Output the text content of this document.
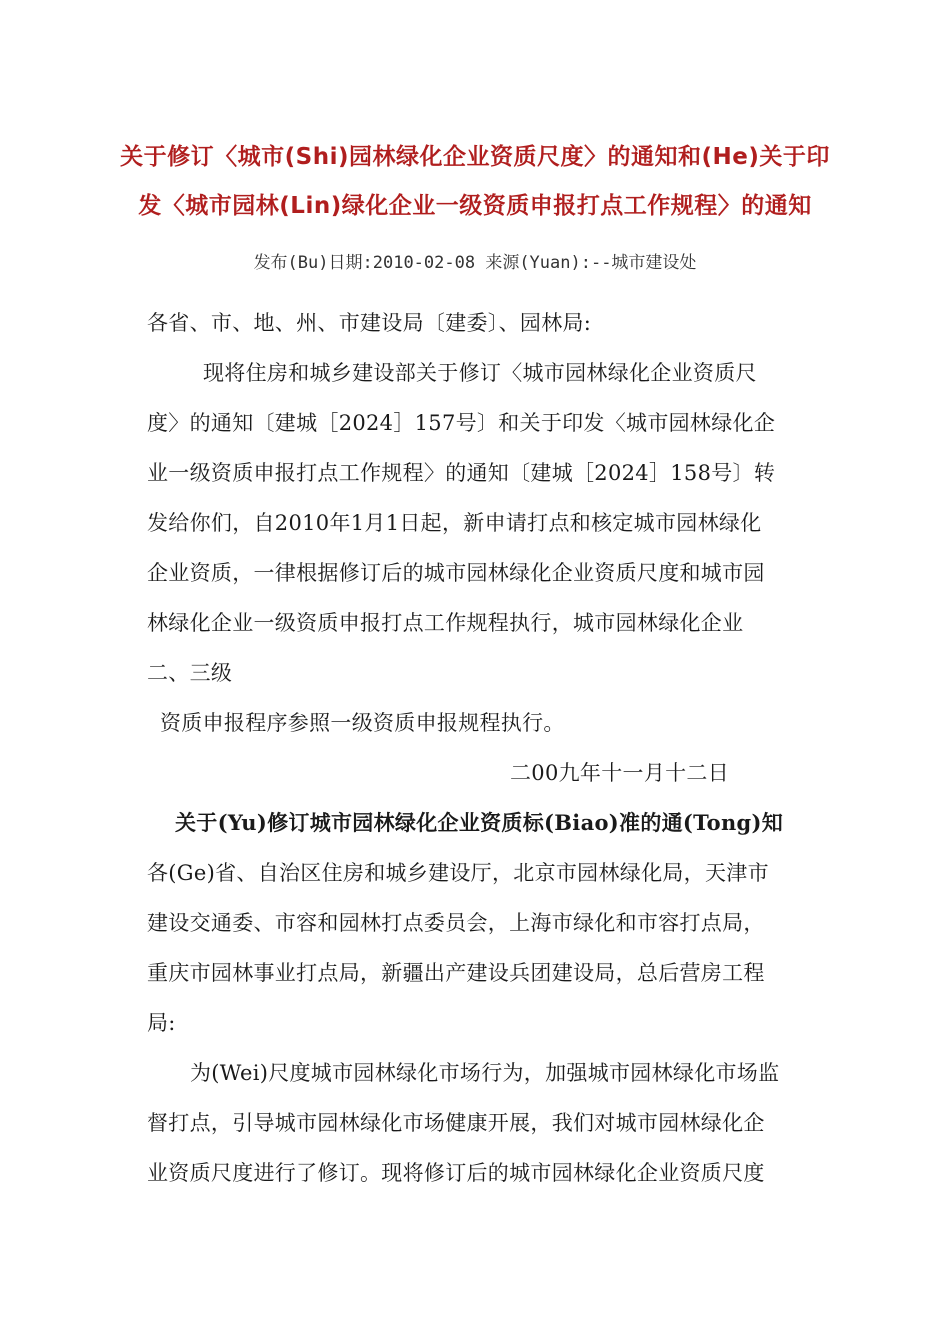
关于修订〈城市(Shi)园林绿化企业资质尺度〉的通知和(He)关于印
发〈城市园林(Lin)绿化企业一级资质申报打点工作规程〉的通知
发布(Bu)日期:2010-02-08 来源(Yuan):--城市建设处
各省、市、地、州、市建设局〔建委〕、园林局:
现将住房和城乡建设部关于修订〈城市园林绿化企业资质尺
度〉的通知〔建城［2024］157号〕和关于印发〈城市园林绿化企
业一级资质申报打点工作规程〉的通知〔建城［2024］158号〕转
发给你们，自2010年1月1日起，新申请打点和核定城市园林绿化
企业资质，一律根据修订后的城市园林绿化企业资质尺度和城市园
林绿化企业一级资质申报打点工作规程执行，城市园林绿化企业
二、三级
资质申报程序参照一级资质申报规程执行。
二00九年十一月十二日
关于(Yu)修订城市园林绿化企业资质标(Biao)准的通(Tong)知
各(Ge)省、自治区住房和城乡建设厅，北京市园林绿化局，天津市
建设交通委、市容和园林打点委员会，上海市绿化和市容打点局，
重庆市园林事业打点局，新疆出产建设兵团建设局，总后营房工程
局:
为(Wei)尺度城市园林绿化市场行为，加强城市园林绿化市场监
督打点，引导城市园林绿化市场健康开展，我们对城市园林绿化企
业资质尺度进行了修订。现将修订后的城市园林绿化企业资质尺度
